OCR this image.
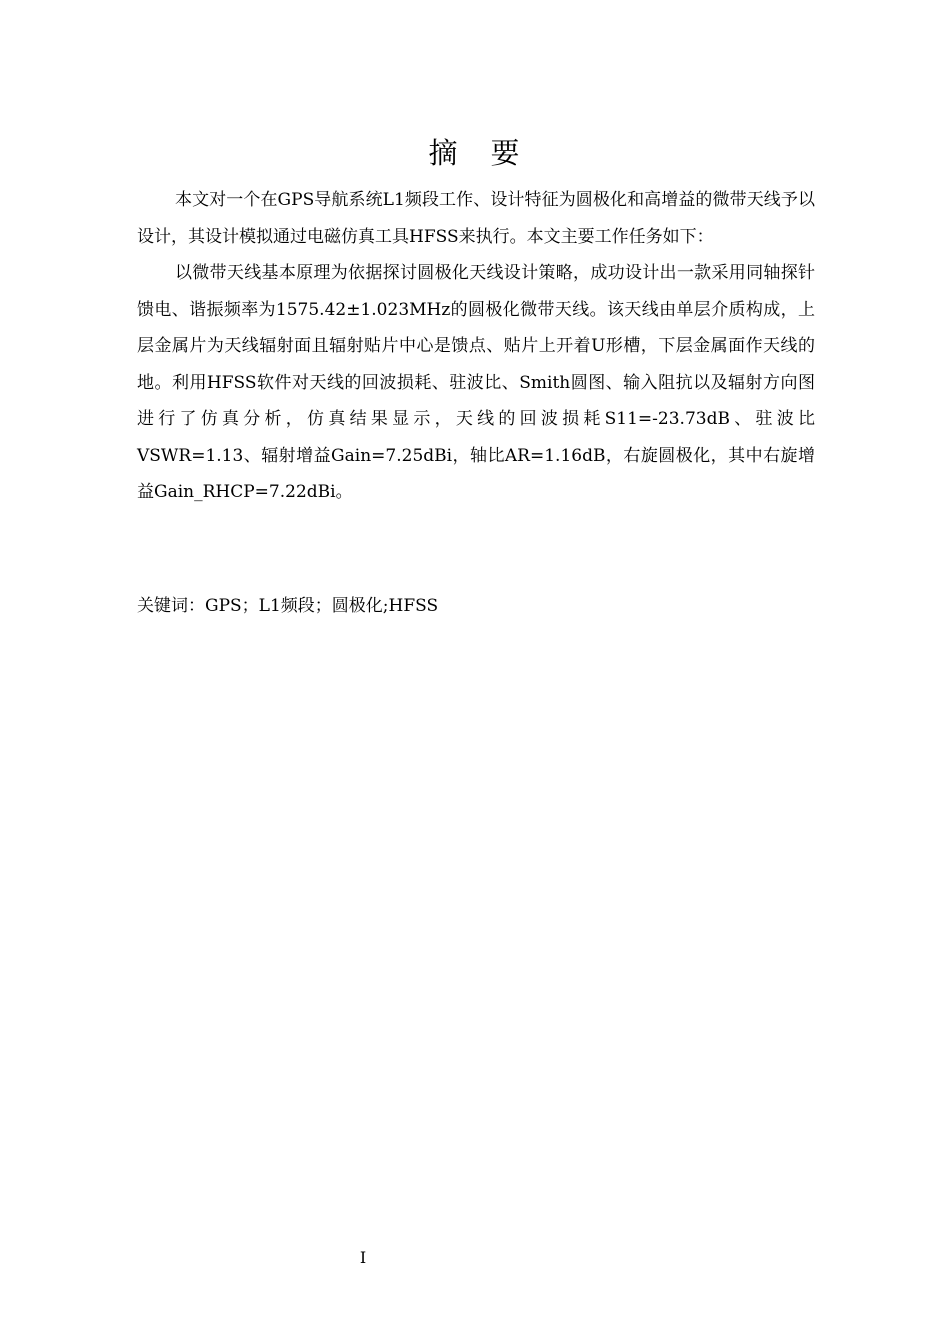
摘　要

本文对一个在GPS导航系统L1频段工作、设计特征为圆极化和高增益的微带天线予以设计，其设计模拟通过电磁仿真工具HFSS来执行。本文主要工作任务如下：

以微带天线基本原理为依据探讨圆极化天线设计策略，成功设计出一款采用同轴探针馈电、谐振频率为1575.42±1.023MHz的圆极化微带天线。该天线由单层介质构成，上层金属片为天线辐射面且辐射贴片中心是馈点、贴片上开着U形槽，下层金属面作天线的地。利用HFSS软件对天线的回波损耗、驻波比、Smith圆图、输入阻抗以及辐射方向图进行了仿真分析，仿真结果显示，天线的回波损耗S11=-23.73dB、驻波比VSWR=1.13、辐射增益Gain=7.25dBi，轴比AR=1.16dB，右旋圆极化，其中右旋增益Gain_RHCP=7.22dBi。

关键词：GPS；L1频段；圆极化;HFSS
I
